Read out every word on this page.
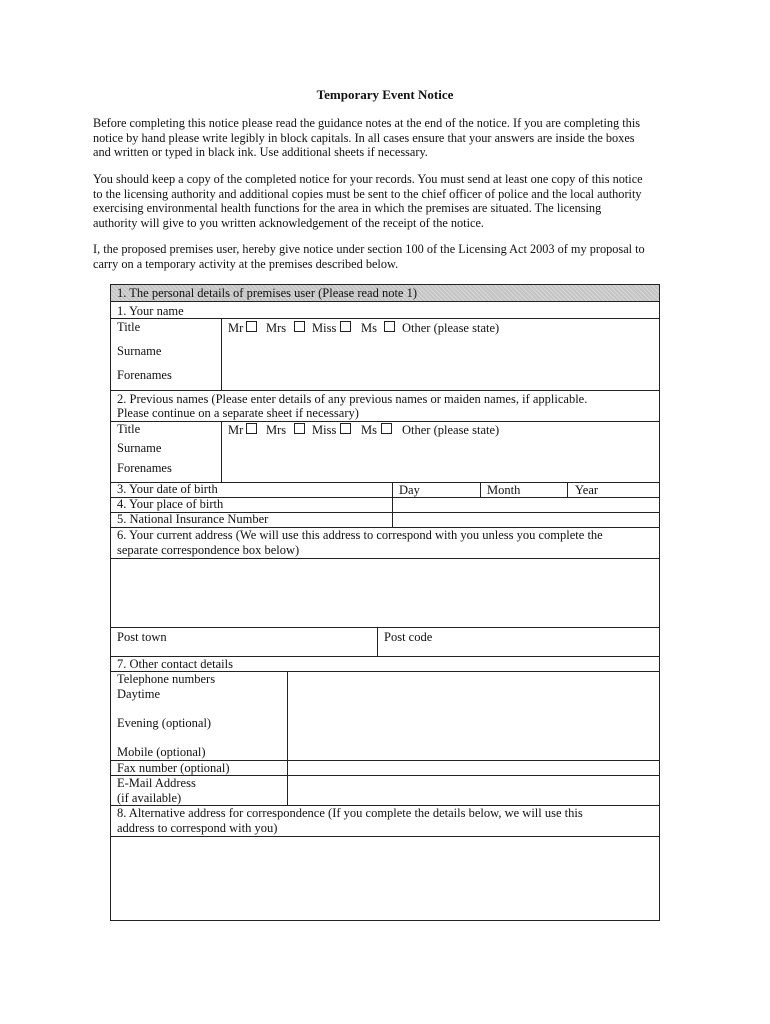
Temporary Event Notice
Before completing this notice please read the guidance notes at the end of the notice. If you are completing this
notice by hand please write legibly in block capitals. In all cases ensure that your answers are inside the boxes
and written or typed in black ink. Use additional sheets if necessary.
You should keep a copy of the completed notice for your records. You must send at least one copy of this notice
to the licensing authority and additional copies must be sent to the chief officer of police and the local authority
exercising environmental health functions for the area in which the premises are situated. The licensing
authority will give to you written acknowledgement of the receipt of the notice.
I, the proposed premises user, hereby give notice under section 100 of the Licensing Act 2003 of my proposal to
carry on a temporary activity at the premises described below.
1. The personal details of premises user (Please read note 1)
1. Your name
Title
Surname
Forenames
Mr Mrs Miss Ms Other (please state)
2. Previous names (Please enter details of any previous names or maiden names, if applicable.
Please continue on a separate sheet if necessary)
Title
Surname
Forenames
Mr Mrs Miss Ms Other (please state)
3. Your date of birth	Day	Month	Year
4. Your place of birth
5. National Insurance Number
6. Your current address (We will use this address to correspond with you unless you complete the
separate correspondence box below)
Post town	Post code
7. Other contact details
Telephone numbers
Daytime
Evening (optional)
Mobile (optional)
Fax number (optional)
E-Mail Address
(if available)
8. Alternative address for correspondence (If you complete the details below, we will use this
address to correspond with you)
